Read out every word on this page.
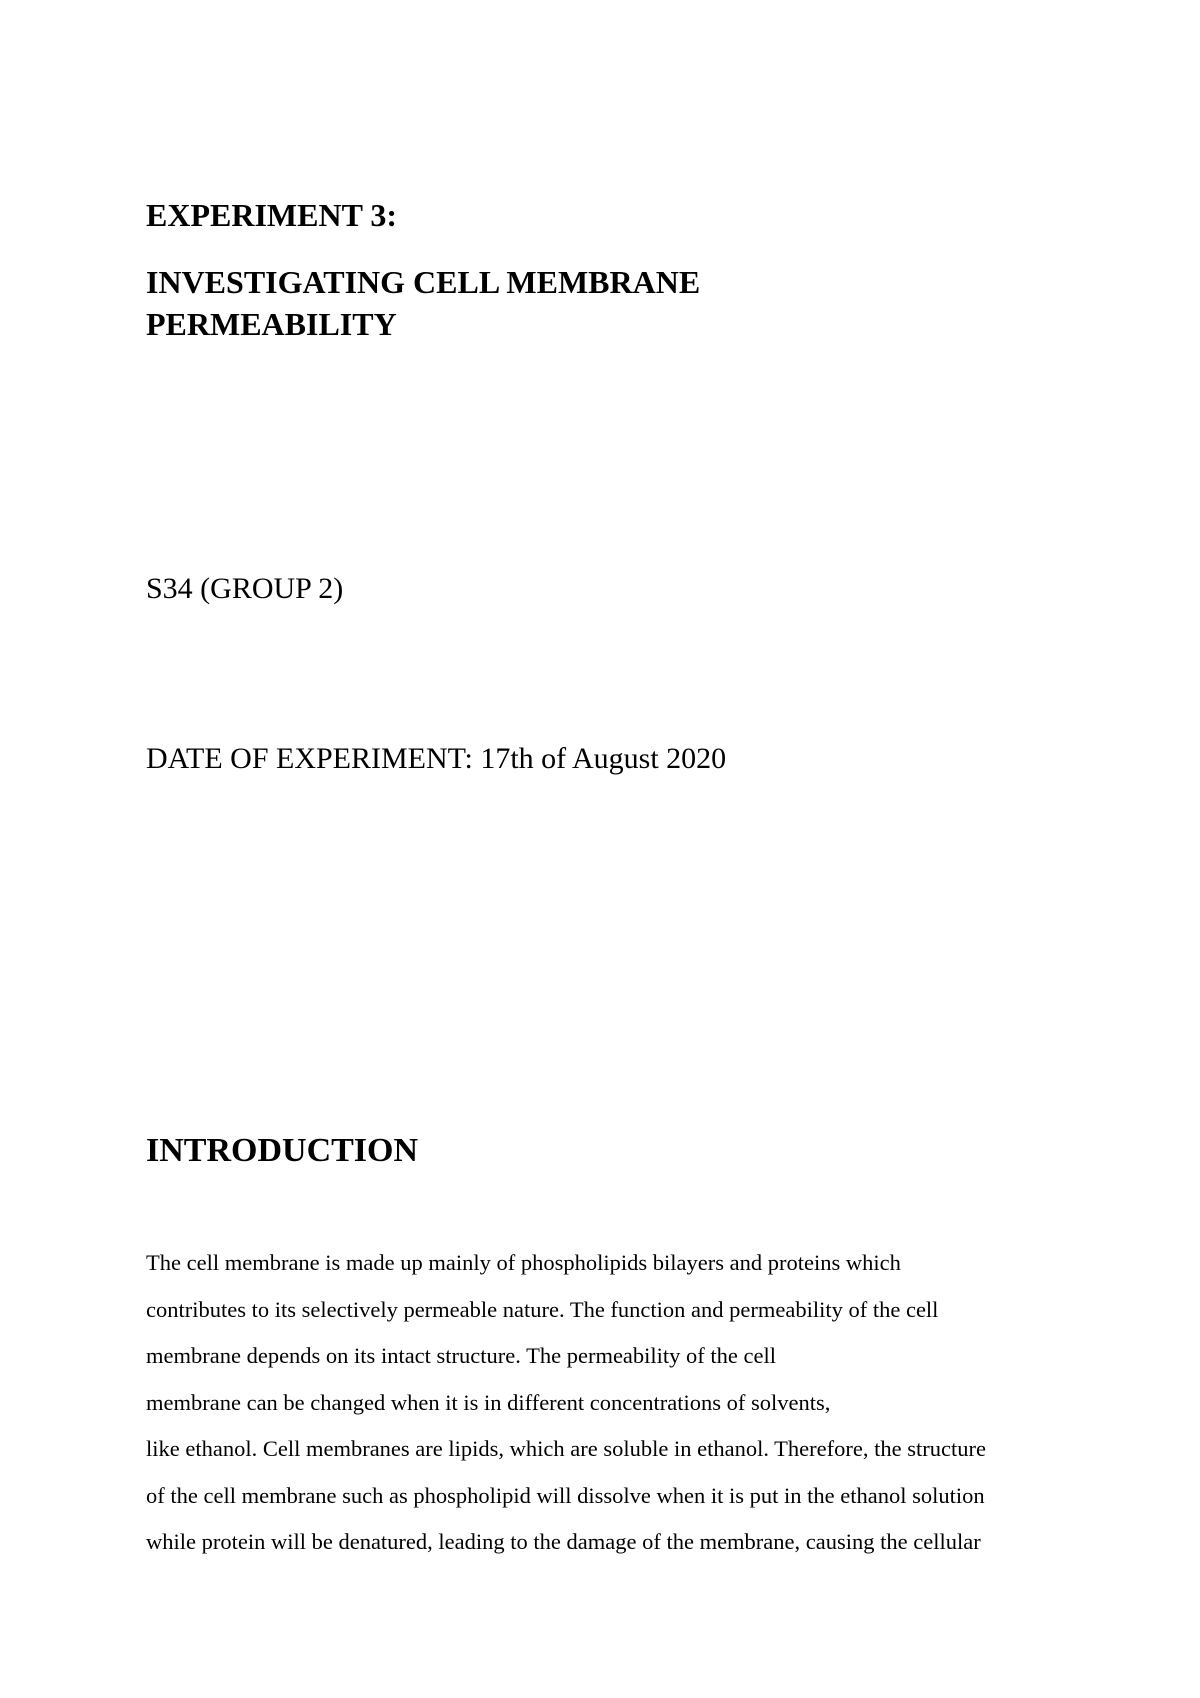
EXPERIMENT 3:
INVESTIGATING CELL MEMBRANE
PERMEABILITY
S34 (GROUP 2)
DATE OF EXPERIMENT: 17th of August 2020
INTRODUCTION
The cell membrane is made up mainly of phospholipids bilayers and proteins which
contributes to its selectively permeable nature. The function and permeability of the cell
membrane depends on its intact structure. The permeability of the cell
membrane can be changed when it is in different concentrations of solvents,
like ethanol. Cell membranes are lipids, which are soluble in ethanol. Therefore, the structure
of the cell membrane such as phospholipid will dissolve when it is put in the ethanol solution
while protein will be denatured, leading to the damage of the membrane, causing the cellular
